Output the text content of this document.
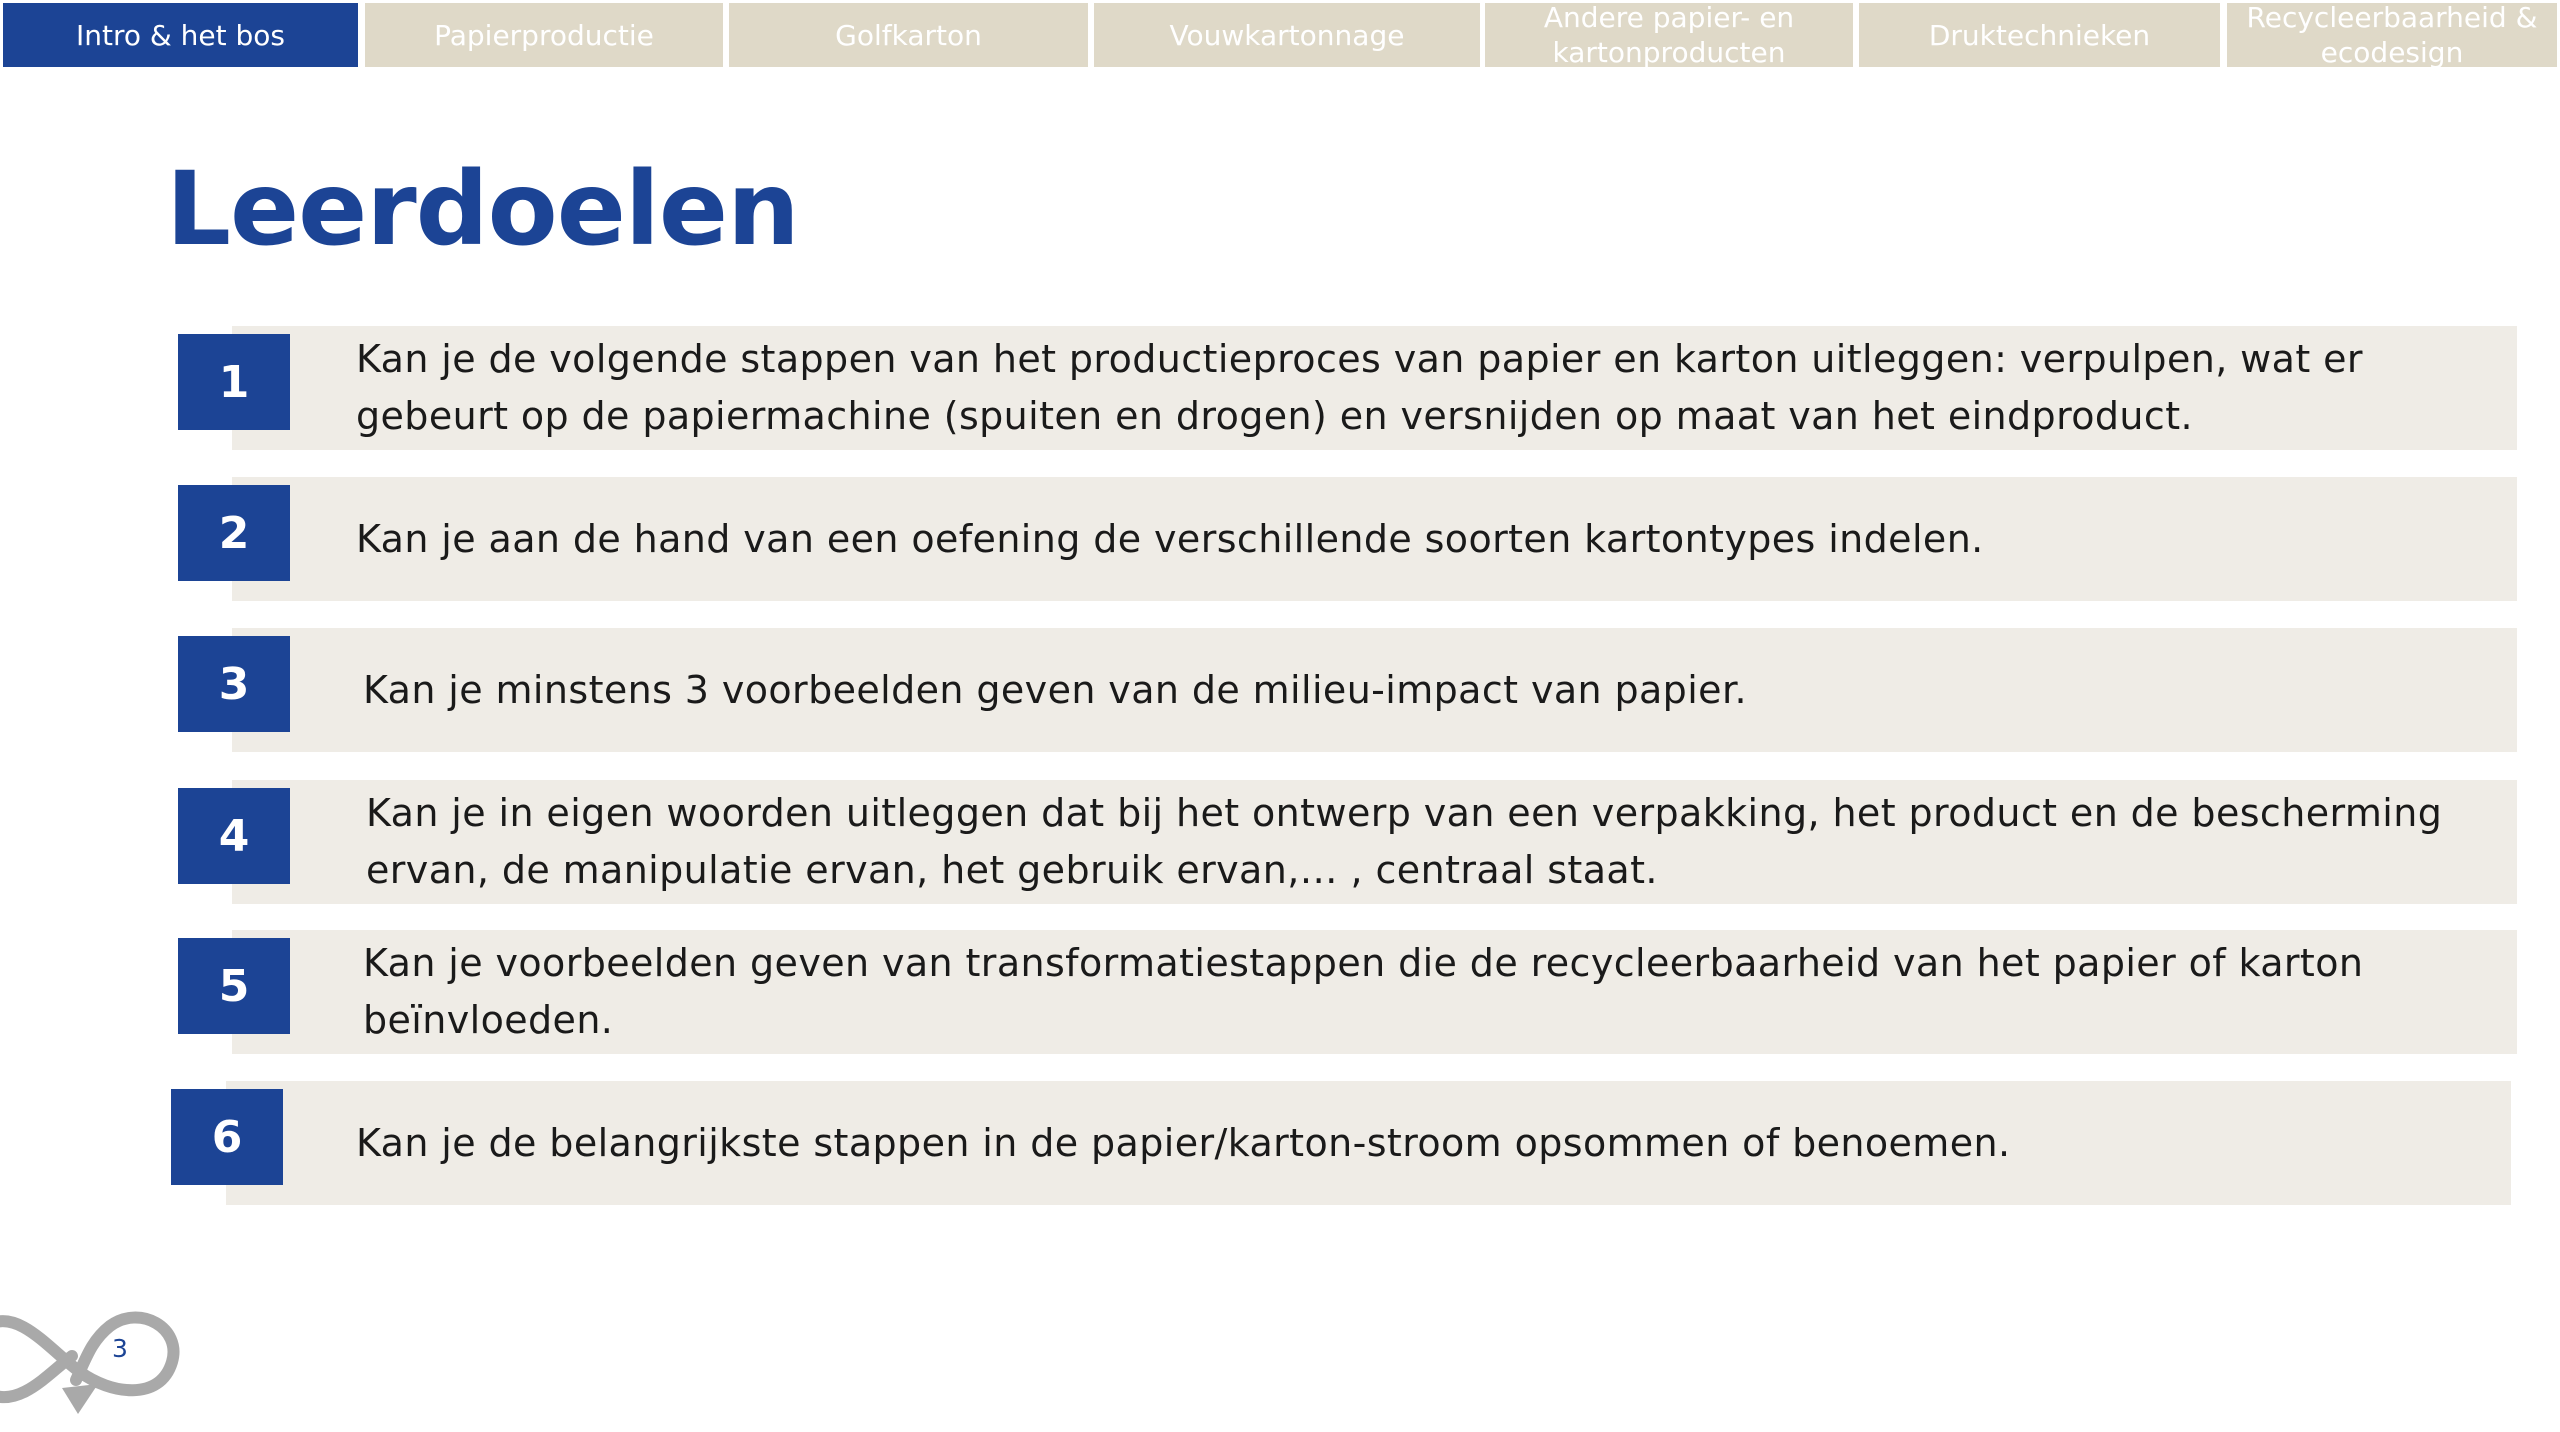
Intro & het bos	Papierproductie	Golfkarton	Vouwkartonnage
Andere papier- en
kartonproducten
Druktechnieken
Recycleerbaarheid &
ecodesign
Leerdoelen
1	Kan je de volgende stappen van het productieproces van papier en karton uitleggen: verpulpen, wat er gebeurt op de papiermachine (spuiten en drogen) en versnijden op maat van het eindproduct.
2	Kan je aan de hand van een oefening de verschillende soorten kartontypes indelen.
3	Kan je minstens 3 voorbeelden geven van de milieu-impact van papier.
4	Kan je in eigen woorden uitleggen dat bij het ontwerp van een verpakking, het product en de bescherming ervan, de manipulatie ervan, het gebruik ervan,… , centraal staat.
5	Kan je voorbeelden geven van transformatiestappen die de recycleerbaarheid van het papier of karton beïnvloeden.
6	Kan je de belangrijkste stappen in de papier/karton-stroom opsommen of benoemen.
3
